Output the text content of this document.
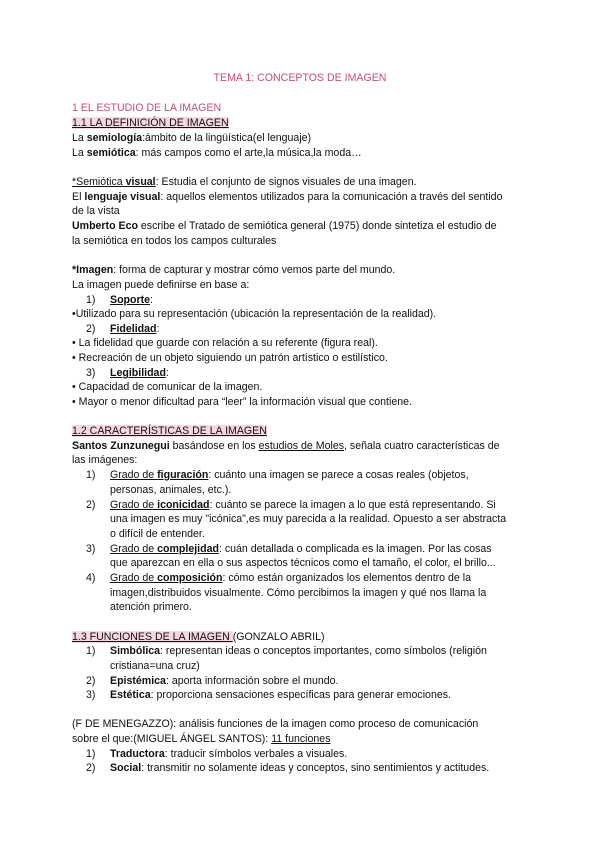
TEMA 1: CONCEPTOS DE IMAGEN
1 EL ESTUDIO DE LA IMAGEN
1.1 LA DEFINICIÓN DE IMAGEN
La semiología:ámbito de la lingüística(el lenguaje)
La semiótica: más campos como el arte,la música,la moda…
*Semiótica visual: Estudia el conjunto de signos visuales de una imagen.
El lenguaje visual: aquellos elementos utilizados para la comunicación a través del sentido
de la vista
Umberto Eco escribe el Tratado de semiótica general (1975) donde sintetiza el estudio de
la semiótica en todos los campos culturales
*Imagen: forma de capturar y mostrar cómo vemos parte del mundo.
La imagen puede definirse en base a:
1) Soporte:
•Utilizado para su representación (ubicación la representación de la realidad).
2) Fidelidad:
• La fidelidad que guarde con relación a su referente (figura real).
• Recreación de un objeto siguiendo un patrón artístico o estilístico.
3) Legibilidad:
• Capacidad de comunicar de la imagen.
• Mayor o menor dificultad para “leer” la información visual que contiene.
1.2 CARACTERÍSTICAS DE LA IMAGEN
Santos Zunzunegui basándose en los estudios de Moles, señala cuatro características de
las imágenes:
1) Grado de figuración: cuánto una imagen se parece a cosas reales (objetos,
personas, animales, etc.).
2) Grado de iconicidad: cuánto se parece la imagen a lo que está representando. Si
una imagen es muy "icónica",es muy parecida a la realidad. Opuesto a ser abstracta
o difícil de entender.
3) Grado de complejidad: cuán detallada o complicada es la imagen. Por las cosas
que aparezcan en ella o sus aspectos técnicos como el tamaño, el color, el brillo...
4) Grado de composición: cómo están organizados los elementos dentro de la
imagen,distribuidos visualmente. Cómo percibimos la imagen y qué nos llama la
atención primero.
1.3 FUNCIONES DE LA IMAGEN (GONZALO ABRIL)
1) Simbólica: representan ideas o conceptos importantes, como símbolos (religión
cristiana=una cruz)
2) Epistémica: aporta información sobre el mundo.
3) Estética: proporciona sensaciones específicas para generar emociones.
(F DE MENEGAZZO): análisis funciones de la imagen como proceso de comunicación
sobre el que:(MIGUEL ÁNGEL SANTOS): 11 funciones
1) Traductora: traducir símbolos verbales a visuales.
2) Social: transmitir no solamente ideas y conceptos, sino sentimientos y actitudes.
